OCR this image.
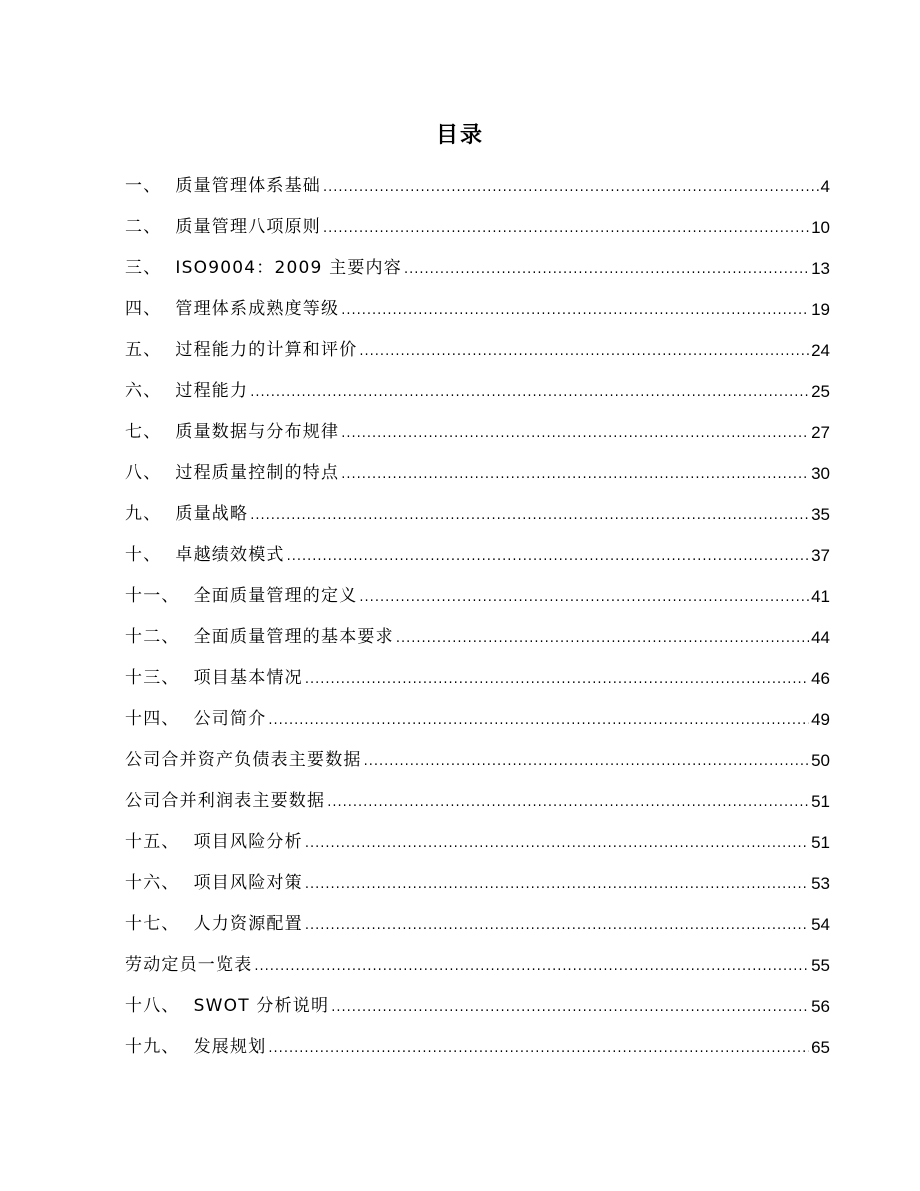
目录
一、 质量管理体系基础 .....	4
二、 质量管理八项原则 .....	10
三、 ISO9004：2009 主要内容 .....	13
四、 管理体系成熟度等级 .....	19
五、 过程能力的计算和评价 .....	24
六、 过程能力 .....	25
七、 质量数据与分布规律 .....	27
八、 过程质量控制的特点 .....	30
九、 质量战略 .....	35
十、 卓越绩效模式 .....	37
十一、 全面质量管理的定义 .....	41
十二、 全面质量管理的基本要求 .....	44
十三、 项目基本情况 .....	46
十四、 公司简介 .....	49
公司合并资产负债表主要数据 .....	50
公司合并利润表主要数据 .....	51
十五、 项目风险分析 .....	51
十六、 项目风险对策 .....	53
十七、 人力资源配置 .....	54
劳动定员一览表 .....	55
十八、 SWOT 分析说明 .....	56
十九、 发展规划 .....	65
